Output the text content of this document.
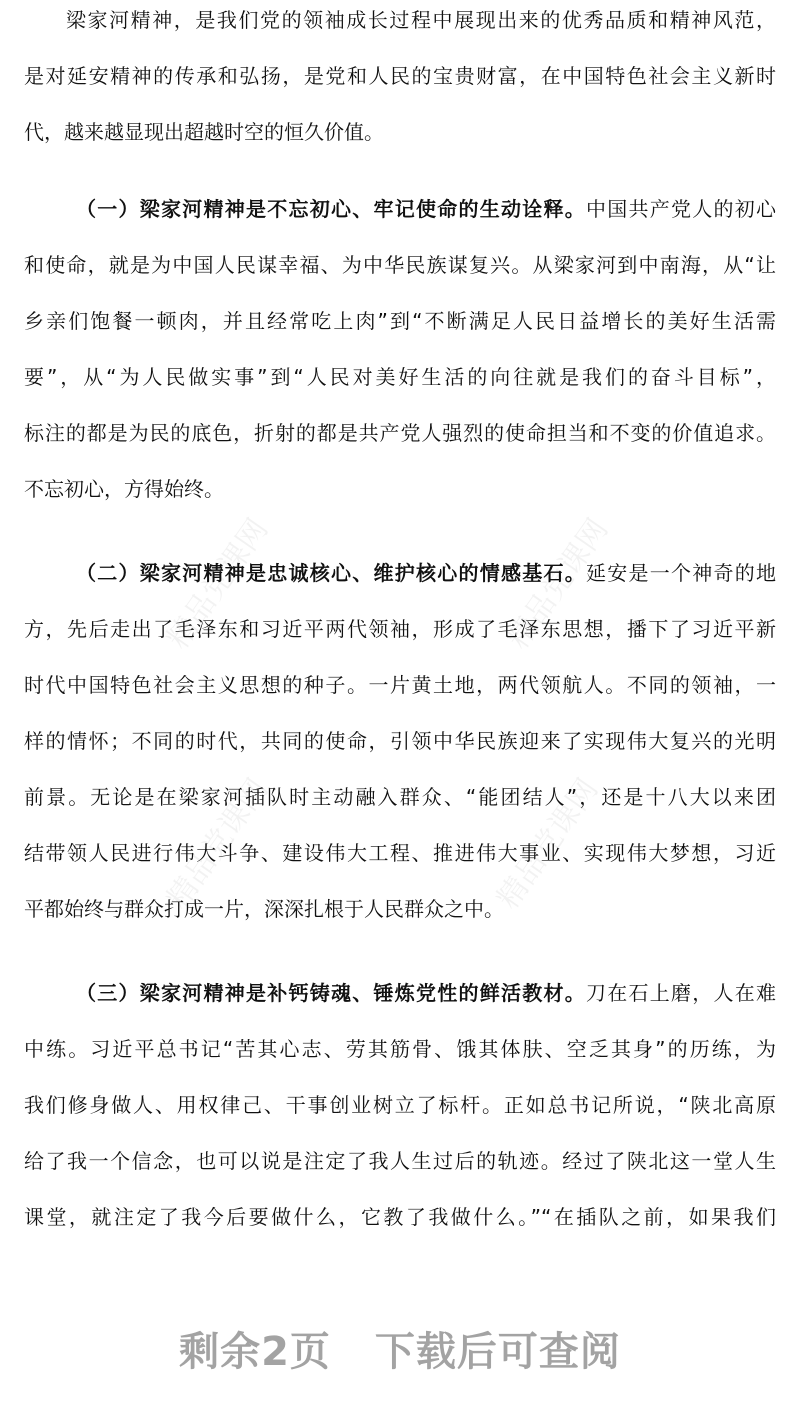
精品党课网	精品党课网
精品党课网	精品党课网
梁家河精神，是我们党的领袖成长过程中展现出来的优秀品质和精神风范，
是对延安精神的传承和弘扬，是党和人民的宝贵财富，在中国特色社会主义新时
代，越来越显现出超越时空的恒久价值。
（一）梁家河精神是不忘初心、牢记使命的生动诠释。中国共产党人的初心
和使命，就是为中国人民谋幸福、为中华民族谋复兴。从梁家河到中南海，从“让
乡亲们饱餐一顿肉，并且经常吃上肉”到“不断满足人民日益增长的美好生活需
要”，从“为人民做实事”到“人民对美好生活的向往就是我们的奋斗目标”，
标注的都是为民的底色，折射的都是共产党人强烈的使命担当和不变的价值追求。
不忘初心，方得始终。
（二）梁家河精神是忠诚核心、维护核心的情感基石。延安是一个神奇的地
方，先后走出了毛泽东和习近平两代领袖，形成了毛泽东思想，播下了习近平新
时代中国特色社会主义思想的种子。一片黄土地，两代领航人。不同的领袖，一
样的情怀；不同的时代，共同的使命，引领中华民族迎来了实现伟大复兴的光明
前景。无论是在梁家河插队时主动融入群众、“能团结人”，还是十八大以来团
结带领人民进行伟大斗争、建设伟大工程、推进伟大事业、实现伟大梦想，习近
平都始终与群众打成一片，深深扎根于人民群众之中。
（三）梁家河精神是补钙铸魂、锤炼党性的鲜活教材。刀在石上磨，人在难
中练。习近平总书记“苦其心志、劳其筋骨、饿其体肤、空乏其身”的历练，为
我们修身做人、用权律己、干事创业树立了标杆。正如总书记所说，“陕北高原
给了我一个信念，也可以说是注定了我人生过后的轨迹。经过了陕北这一堂人生
课堂，就注定了我今后要做什么，它教了我做什么。”“在插队之前，如果我们
剩余2页 下载后可查阅
